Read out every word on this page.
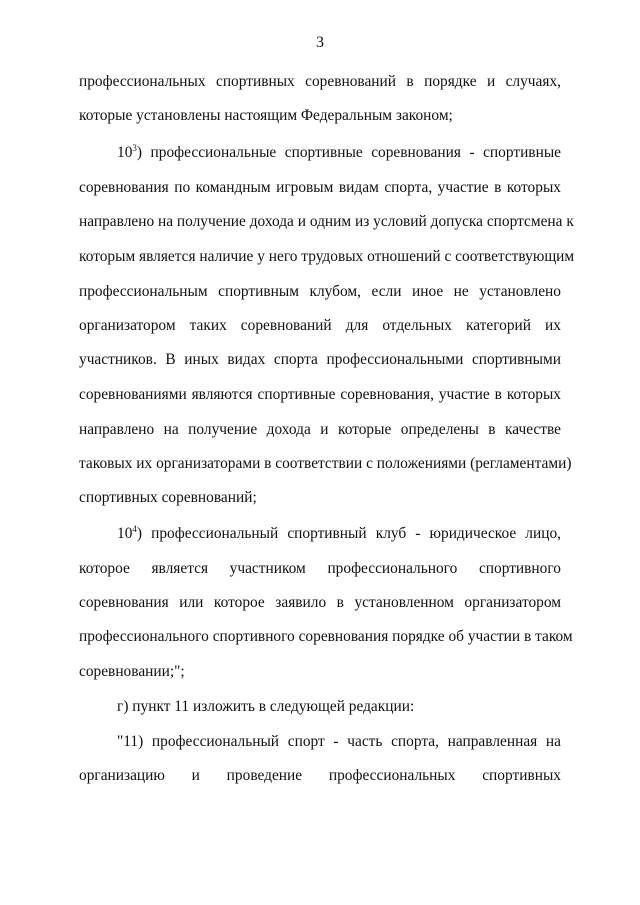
3
профессиональных спортивных соревнований в порядке и случаях,
которые установлены настоящим Федеральным законом;
$10^3$) профессиональные спортивные соревнования - спортивные
соревнования по командным игровым видам спорта, участие в которых
направлено на получение дохода и одним из условий допуска спортсмена к
которым является наличие у него трудовых отношений с соответствующим
профессиональным спортивным клубом, если иное не установлено
организатором таких соревнований для отдельных категорий их
участников. В иных видах спорта профессиональными спортивными
соревнованиями являются спортивные соревнования, участие в которых
направлено на получение дохода и которые определены в качестве
таковых их организаторами в соответствии с положениями (регламентами)
спортивных соревнований;
$10^4$) профессиональный спортивный клуб - юридическое лицо,
которое является участником профессионального спортивного
соревнования или которое заявило в установленном организатором
профессионального спортивного соревнования порядке об участии в таком
соревновании;";
г) пункт 11 изложить в следующей редакции:
"11) профессиональный спорт - часть спорта, направленная на
организацию и проведение профессиональных спортивных
